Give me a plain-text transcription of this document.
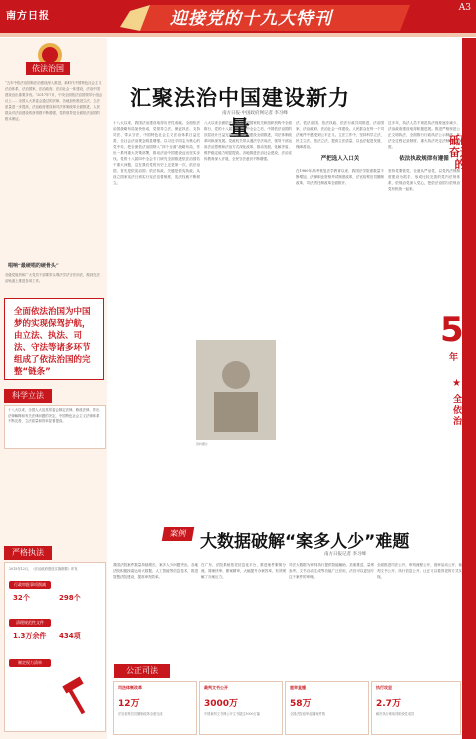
南方日报	迎接党的十九大特刊
A3
依法治国
“五年中依法治国和法治建设深入推进，新时代中国特色社会主义法治体系、法治国家、法治政府、法治社会一体建设，法治中国建设迈出重要步伐。”2017年7月，中央全面依法治国领导小组会议上……全国人大常委会通过的法律，各地加快推进立法，立法质量进一步提高，法治政府建设和司法体制改革全面推进，人民群众对法治建设的获得感不断增强，党的领导是全面依法治国的根本保证。
唱响“最硬唱的硬骨头”
各级党组织和广大党员干部要带头尊法学法守法用法，做到在法治轨道上推进各项工作。
全面依法治国为中国梦的实现保驾护航，由立法、执法、司法、守法等诸多环节组成了依法治国的完整“链条”
科学立法
十八大以来，全国人大及其常委会制定法律、修改法律、作出法律解释和有关法律问题的决定，中国特色社会主义法律体系不断完善，立法质量和效率显著提高。
严格执法
2015年12月，《法治政府建设实施纲要》印发
行政审批事项削减
32个	298个
清理规范性文件
1.3万余件 434项
制定权力清单
汇聚法治中国建设新力量
南方日报·中国政府网记者 李习峰
十八大以来，我国法治建设取得历史性成就。全面依法治国战略布局加快形成，党领导立法、保证执法、支持司法、带头守法，中国特色社会主义法治体系日益完善，全社会法治观念明显增强。以习近平同志为核心的党中央，把全面依法治国纳入“四个全面”战略布局，作出一系列重大决策部署，推动法治中国建设迈出坚实步伐。党的十八届四中全会专门研究全面推进依法治国若干重大问题，这在我们党的历史上还是第一次。依法治国，首先是依宪治国；依法执政，关键是依宪执政。从设立国家宪法日到实行宪法宣誓制度，宪法权威不断树立。
八大以来全面依法治国，全国国家机关和组织机构中全面推行，党的十八届三中、四中全会之后，中国依法治国的顶层设计日益完善，法治政府建设全面推进，司法体制改革向纵深发展。党政机关带头遵法守法用法，领导干部运用法治思维和法治方式深化改革、推动发展、化解矛盾、维护稳定能力明显提高。各地推进法治社会建设，法治宣传教育深入开展，全民守法意识不断增强。
法，依法治国、依法执政、依法行政共同推进，法治国家、法治政府、法治社会一体建设。人民群众在每一个司法案件中感受到公平正义。立法工作中，坚持科学立法、民主立法、依法立法，提高立法质量，以良法促进发展、保障善治。
严把选人入口关
在1980年高考恢复法学教育以来，我国法学院系数量不断增加，法律职业资格考试制度改革，法官检察官员额制改革，司法责任制改革全面推开。
过多年，执法人员不规范执法现象逐步减少，法治政府建设取得积极进展。推进严格规范公正文明执法，全面推行行政执法公示制度、执法全过程记录制度、重大执法决定法制审核制度。
依法执政规律有遵循
坚持党要管党、全面从严治党，以党内法规制度建设为抓手，形成比较完善的党内法规体系，依规治党深入党心，把依法治国与依规治党有机统一起来。
资料图片
砥砺奋进的
5
年
★
全面依法治国
案例 大数据破解“案多人少”难题
南方日报记者 李习峰
我国法院案件数量持续增长，案多人少问题突出。各地法院积极探索运用大数据、人工智能等信息技术，推进智慧法院建设，提高审判效率。
在广东，法院系统依托信息化平台，推进案件繁简分流，简案快审、繁案精审，大幅提升办案效率，有效缓解了办案压力。
司法大数据为审判执行提供智能辅助，类案推送、量刑参考、文书自动生成等功能广泛应用，法官可以更加专注于案件的审理。
全面推进司法公开，审判流程公开、庭审活动公开、裁判文书公开、执行信息公开，让正义以看得见的方式实现。
公正司法
司法体制改革
12万
法官检察官员额制改革全面完成
裁判文书公开
3000万
中国裁判文书网公开文书超过3000万篇
庭审直播
58万
全国法院庭审直播案件数
执行攻坚
2.7万
解决执行难取得阶段性成效
